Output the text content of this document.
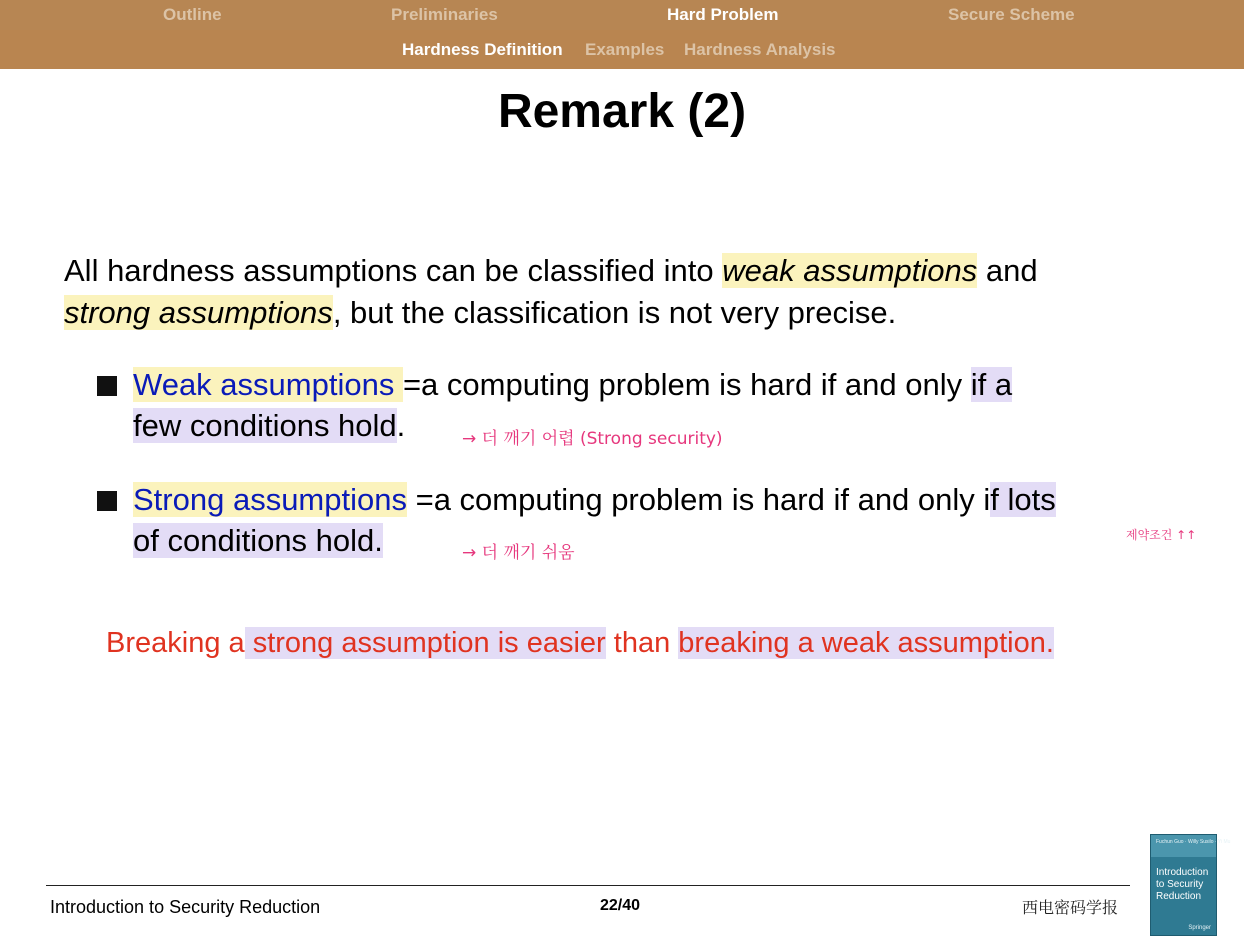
Outline	Preliminaries	Hard Problem	Secure Scheme
Hardness Definition Examples Hardness Analysis
Remark (2)
All hardness assumptions can be classified into weak assumptions and
strong assumptions, but the classification is not very precise.
Weak assumptions =a computing problem is hard if and only if a
few conditions hold.	→ 더 깨기 어렵 (Strong security)
Strong assumptions =a computing problem is hard if and only if lots
of conditions hold.	→ 더 깨기 쉬움
제약조건 ↑↑
Breaking a strong assumption is easier than breaking a weak assumption.
Fuchun Guo · Willy Susilo · Yi Mu
Introduction
to Security
Reduction
Springer
Introduction to Security Reduction	22/40	西电密码学报
